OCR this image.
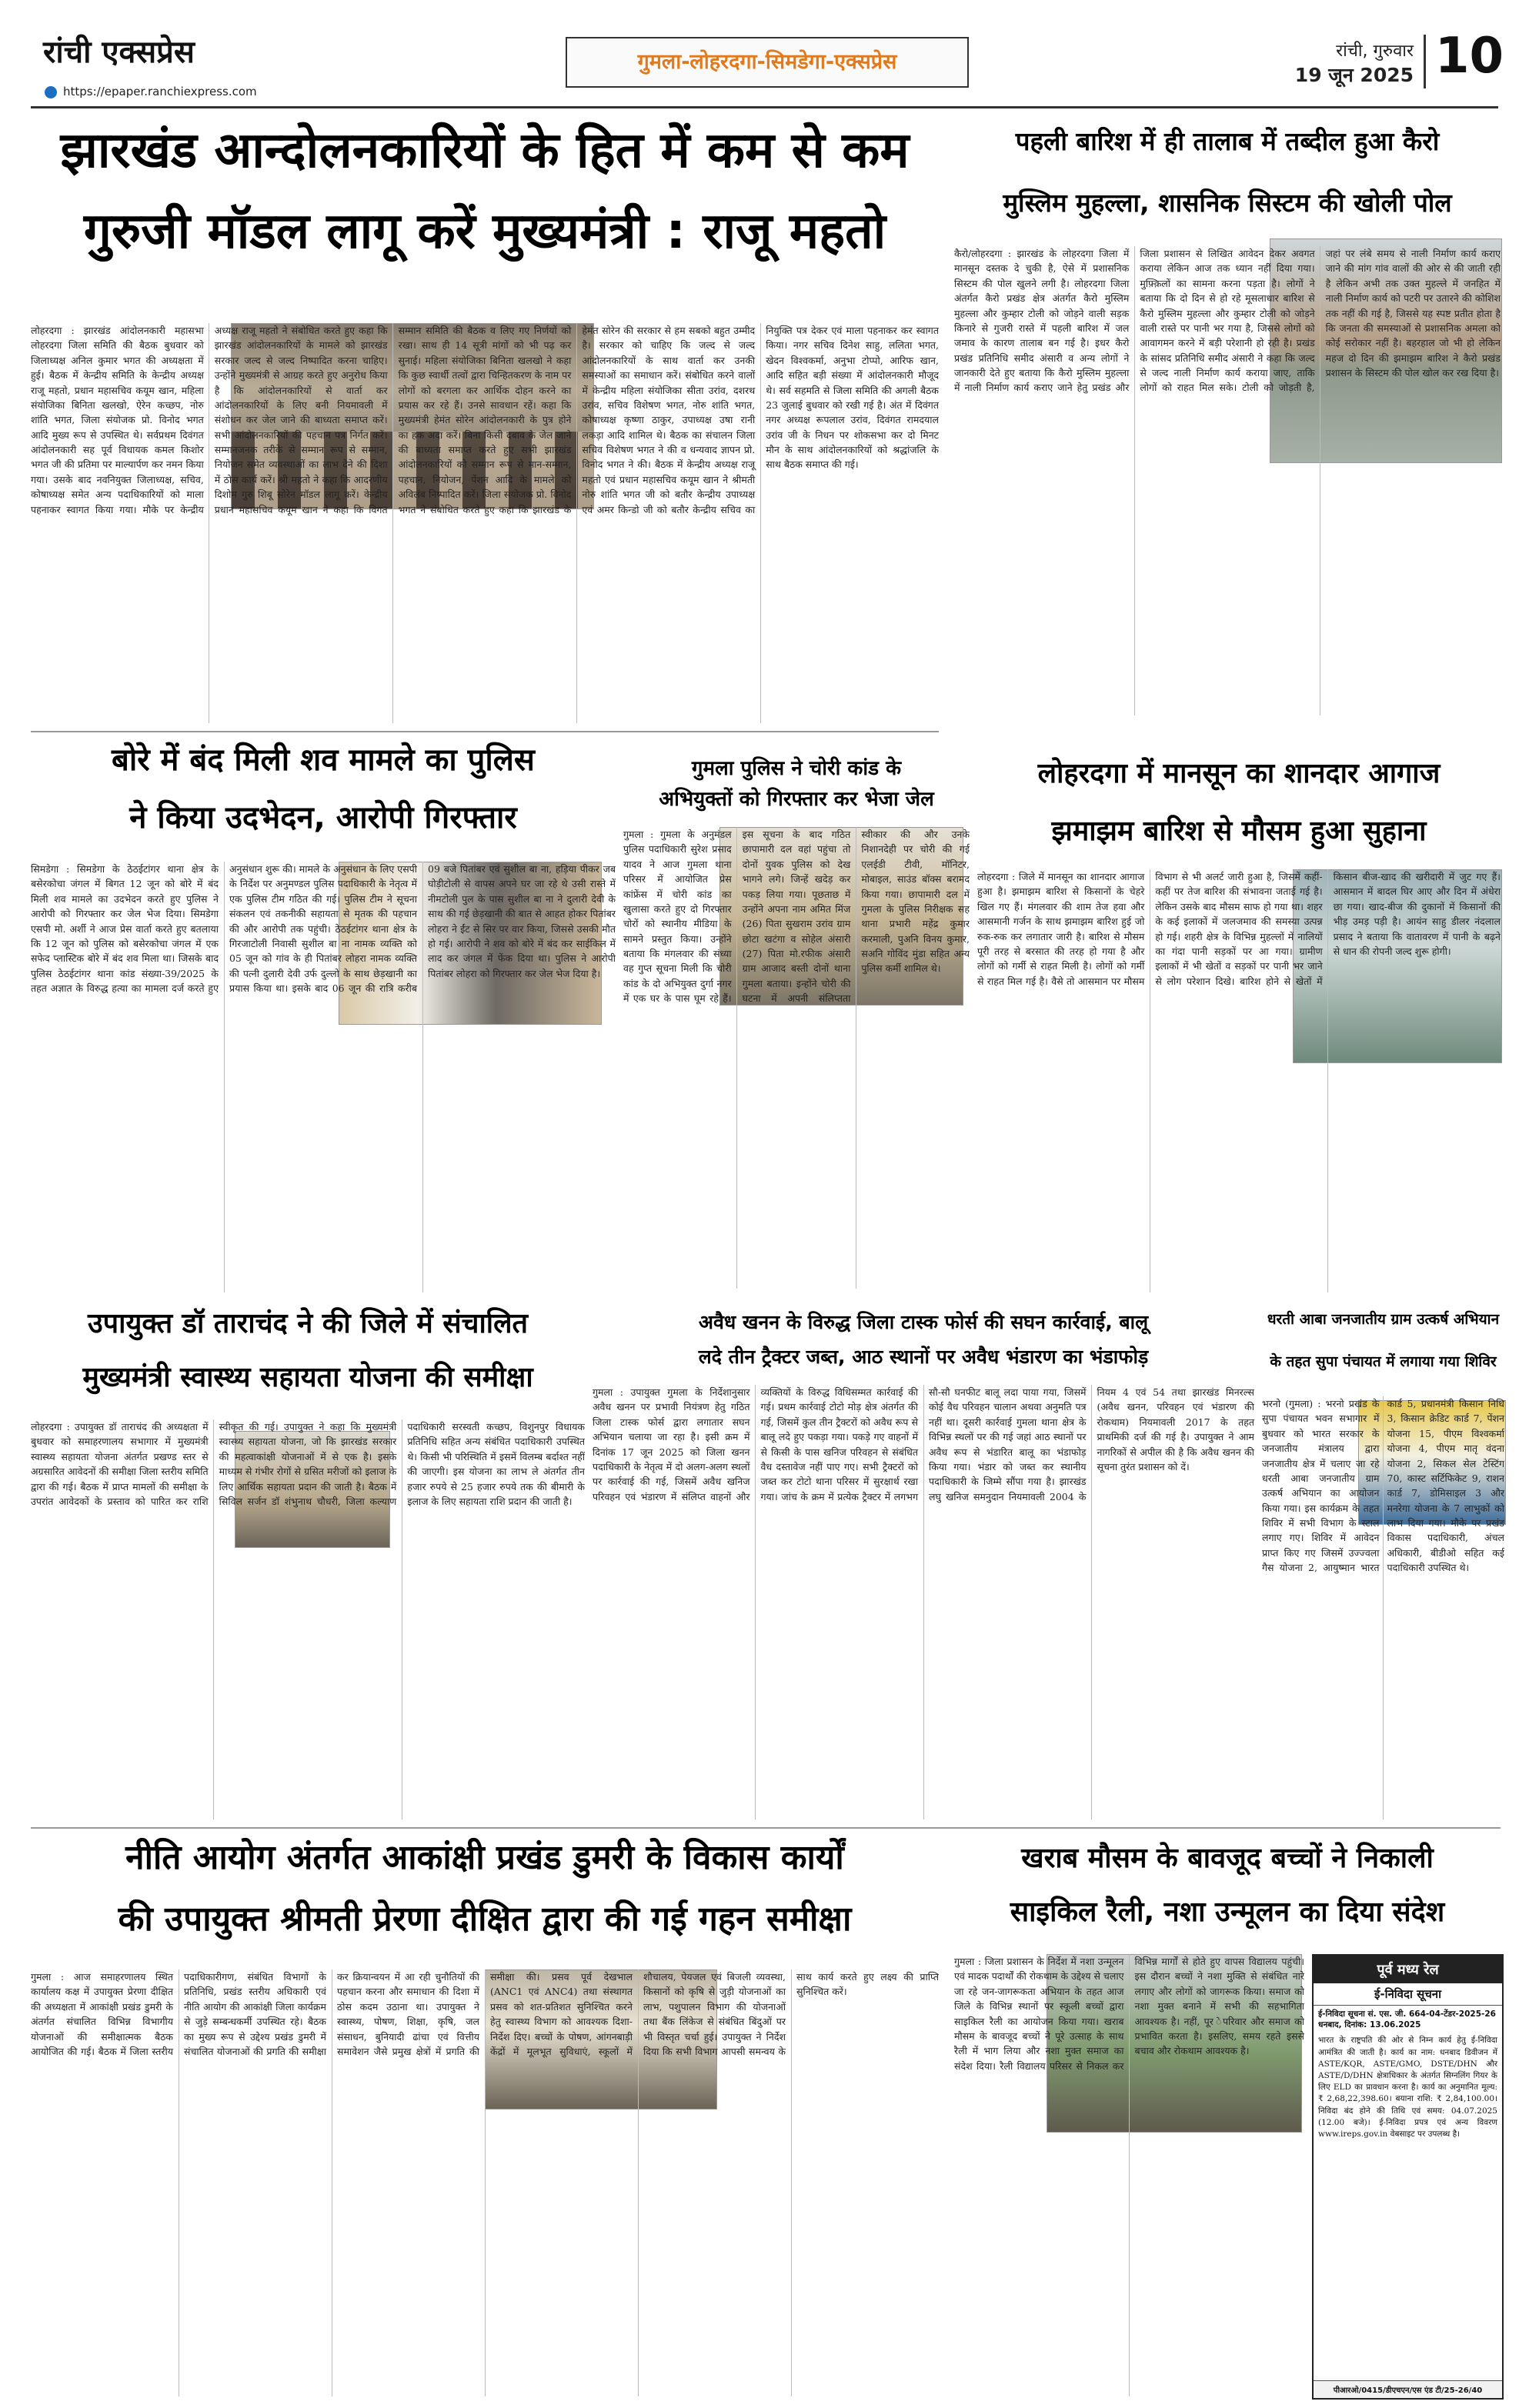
रांची एक्सप्रेस
https://epaper.ranchiexpress.com
गुमला-लोहरदगा-सिमडेगा-एक्सप्रेस	रांची, गुरुवार
19 जून 2025 10
झारखंड आन्दोलनकारियों के हित में कम से कम
गुरुजी मॉडल लागू करें मुख्यमंत्री : राजू महतो
लोहरदगा : झारखंड आंदोलनकारी महासभा लोहरदगा जिला समिति की बैठक बुधवार को जिलाध्यक्ष अनिल कुमार भगत की अध्यक्षता में हुई। बैठक में केन्द्रीय समिति के केन्द्रीय अध्यक्ष राजू महतो, प्रधान महासचिव कयूम खान, महिला संयोजिका बिनिता खलखो, ऐरेन कच्छप, नोरु शांति भगत, जिला संयोजक प्रो. विनोद भगत आदि मुख्य रूप से उपस्थित थे। सर्वप्रथम दिवंगत आंदोलनकारी सह पूर्व विधायक कमल किशोर भगत जी की प्रतिमा पर माल्यार्पण कर नमन किया गया। उसके बाद नवनियुक्त जिलाध्यक्ष, सचिव, कोषाध्यक्ष समेत अन्य पदाधिकारियों को माला पहनाकर स्वागत किया गया। मौके पर केन्द्रीय अध्यक्ष राजू महतो ने संबोधित करते हुए कहा कि झारखंड आंदोलनकारियों के मामले को झारखंड सरकार जल्द से जल्द निष्पादित करना चाहिए। उन्होंने मुख्यमंत्री से आग्रह करते हुए अनुरोध किया है कि आंदोलनकारियों से वार्ता कर आंदोलनकारियों के लिए बनी नियमावली में संशोधन कर जेल जाने की बाध्यता समाप्त करें। सभी आंदोलनकारियों की पहचान पत्र निर्गत करें। सम्मानजनक तरीके से सम्मान रूप से सम्मान, नियोजन समेत व्यवस्थाओं का लाभ देने की दिशा में ठोस कार्य करें। श्री महतो ने कहा कि आदरणीय दिशोम गुरु शिबू सोरेन मॉडल लागू करें। केन्द्रीय प्रधान महासचिव कयूम खान ने कहा कि विगत सम्मान समिति की बैठक व लिए गए निर्णयों को रखा। साथ ही 14 सूत्री मांगों को भी पढ़ कर सुनाई। महिला संयोजिका बिनिता खलखो ने कहा कि कुछ स्वार्थी तत्वों द्वारा चिन्हितकरण के नाम पर लोगों को बरगला कर आर्थिक दोहन करने का प्रयास कर रहे हैं। उनसे सावधान रहें। कहा कि मुख्यमंत्री हेमंत सोरेन आंदोलनकारी के पुत्र होने का हक अदा करें। बिना किसी दबाव के जेल जाने की बाध्यता समाप्त करते हुए सभी झारखंड आंदोलनकारियों को सम्मान रूप से मान-सम्मान, पहचान, नियोजन, पेंशन आदि के मामले को अविलंब निष्पादित करें। जिला संयोजक प्रो. विनोद भगत ने संबोधित करते हुए कहा कि झारखंड के हेमंत सोरेन की सरकार से हम सबको बहुत उम्मीद है। सरकार को चाहिए कि जल्द से जल्द आंदोलनकारियों के साथ वार्ता कर उनकी समस्याओं का समाधान करें। संबोधित करने वालों में केन्द्रीय महिला संयोजिका सीता उरांव, दशरथ उरांव, सचिव विशेषण भगत, नोरु शांति भगत, कोषाध्यक्ष कृष्णा ठाकुर, उपाध्यक्ष उषा रानी लकड़ा आदि शामिल थे। बैठक का संचालन जिला सचिव विशेषण भगत ने की व धन्यवाद ज्ञापन प्रो. विनोद भगत ने की। बैठक में केन्द्रीय अध्यक्ष राजू महतो एवं प्रधान महासचिव कयूम खान ने श्रीमती नोरु शांति भगत जी को बतौर केन्द्रीय उपाध्यक्ष एवं अमर किन्डो जी को बतौर केन्द्रीय सचिव का नियुक्ति पत्र देकर एवं माला पहनाकर कर स्वागत किया। नगर सचिव दिनेश साहु, ललिता भगत, खेदन विश्वकर्मा, अनुभा टोप्पो, आरिफ खान, आदि सहित बड़ी संख्या में आंदोलनकारी मौजूद थे। सर्व सहमति से जिला समिति की अगली बैठक 23 जुलाई बुधवार को रखी गई है। अंत में दिवंगत नगर अध्यक्ष रूपलाल उरांव, दिवंगत रामदयाल उरांव जी के निधन पर शोकसभा कर दो मिनट मौन के साथ आंदोलनकारियों को श्रद्धांजलि के साथ बैठक समाप्त की गई।
पहली बारिश में ही तालाब में तब्दील हुआ कैरो
मुस्लिम मुहल्ला, शासनिक सिस्टम की खोली पोल
कैरो/लोहरदगा : झारखंड के लोहरदगा जिला में मानसून दस्तक दे चुकी है, ऐसे में प्रशासनिक सिस्टम की पोल खुलने लगी है। लोहरदगा जिला अंतर्गत कैरो प्रखंड क्षेत्र अंतर्गत कैरो मुस्लिम मुहल्ला और कुम्हार टोली को जोड़ने वाली सड़क किनारे से गुजरी रास्ते में पहली बारिश में जल जमाव के कारण तालाब बन गई है। इधर कैरो प्रखंड प्रतिनिधि समीद अंसारी व अन्य लोगों ने जानकारी देते हुए बताया कि कैरो मुस्लिम मुहल्ला में नाली निर्माण कार्य कराए जाने हेतु प्रखंड और जिला प्रशासन से लिखित आवेदन देकर अवगत कराया लेकिन आज तक ध्यान नहीं दिया गया। मुफ़्क़िलों का सामना करना पड़ता है। लोगों ने बताया कि दो दिन से हो रहे मूसलाधार बारिश से कैरो मुस्लिम मुहल्ला और कुम्हार टोली को जोड़ने वाली रास्ते पर पानी भर गया है, जिससे लोगों को आवागमन करने में बड़ी परेशानी हो रही है। प्रखंड के सांसद प्रतिनिधि समीद अंसारी ने कहा कि जल्द से जल्द नाली निर्माण कार्य कराया जाए, ताकि लोगों को राहत मिल सके। टोली को जोड़ती है, जहां पर लंबे समय से नाली निर्माण कार्य कराए जाने की मांग गांव वालों की ओर से की जाती रही है लेकिन अभी तक उक्त मुहल्ले में जनहित में नाली निर्माण कार्य को पटरी पर उतारने की कोशिश तक नहीं की गई है, जिससे यह स्पष्ट प्रतीत होता है कि जनता की समस्याओं से प्रशासनिक अमला को कोई सरोकार नहीं है। बहरहाल जो भी हो लेकिन महज दो दिन की झमाझम बारिश ने कैरो प्रखंड प्रशासन के सिस्टम की पोल खोल कर रख दिया है।
बोरे में बंद मिली शव मामले का पुलिस
ने किया उदभेदन, आरोपी गिरफ्तार
सिमडेगा : सिमडेगा के ठेठईटांगर थाना क्षेत्र के बसेरकोचा जंगल में बिगत 12 जून को बोरे में बंद मिली शव मामले का उदभेदन करते हुए पुलिस ने आरोपी को गिरफ्तार कर जेल भेज दिया। सिमडेगा एसपी मो. अर्शी ने आज प्रेस वार्ता करते हुए बतलाया कि 12 जून को पुलिस को बसेरकोचा जंगल में एक सफेद प्लास्टिक बोरे में बंद शव मिला था। जिसके बाद पुलिस ठेठईटांगर थाना कांड संख्या-39/2025 के तहत अज्ञात के विरुद्ध हत्या का मामला दर्ज करते हुए अनुसंधान शुरू की। मामले के अनुसंधान के लिए एसपी के निर्देश पर अनुमण्डल पुलिस पदाधिकारी के नेतृत्व में एक पुलिस टीम गठित की गई। पुलिस टीम ने सूचना संकलन एवं तकनीकी सहायता से मृतक की पहचान की और आरोपी तक पहुंची। ठेठईटांगर थाना क्षेत्र के गिरजाटोली निवासी सुशील बा ना नामक व्यक्ति को 05 जून को गांव के ही पितांबर लोहरा नामक व्यक्ति की पत्नी दुलारी देवी उर्फ दुल्लो के साथ छेड़खानी का प्रयास किया था। इसके बाद 06 जून की रात्रि करीब 09 बजे पितांबर एवं सुशील बा ना, हड़िया पीकर जब घोड़ीटोली से वापस अपने घर जा रहे थे उसी रास्ते में नीमटोली पुल के पास सुशील बा ना ने दुलारी देवी के साथ की गई छेड़खानी की बात से आहत होकर पितांबर लोहरा ने ईंट से सिर पर वार किया, जिससे उसकी मौत हो गई। आरोपी ने शव को बोरे में बंद कर साईकिल में लाद कर जंगल में फेंक दिया था। पुलिस ने आरोपी पितांबर लोहरा को गिरफ्तार कर जेल भेज दिया है।
गुमला पुलिस ने चोरी कांड के
अभियुक्तों को गिरफ्तार कर भेजा जेल
गुमला : गुमला के अनुमंडल पुलिस पदाधिकारी सुरेश प्रसाद यादव ने आज गुमला थाना परिसर में आयोजित प्रेस कांफ्रेंस में चोरी कांड का खुलासा करते हुए दो गिरफ्तार चोरों को स्थानीय मीडिया के सामने प्रस्तुत किया। उन्होंने बताया कि मंगलवार की संध्या वह गुप्त सूचना मिली कि चोरी कांड के दो अभियुक्त दुर्गा नगर में एक घर के पास घूम रहे हैं। इस सूचना के बाद गठित छापामारी दल वहां पहुंचा तो दोनों युवक पुलिस को देख भागने लगे। जिन्हें खदेड़ कर पकड़ लिया गया। पूछताछ में उन्होंने अपना नाम अमित मिंज (26) पिता सुखराम उरांव ग्राम छोटा खटंगा व सोहेल अंसारी (27) पिता मो.रफीक अंसारी ग्राम आजाद बस्ती दोनों थाना गुमला बताया। इन्होंने चोरी की घटना में अपनी संलिप्तता स्वीकार की और उनके निशानदेही पर चोरी की गई एलईडी टीवी, मॉनिटर, मोबाइल, साउंड बॉक्स बरामद किया गया। छापामारी दल में गुमला के पुलिस निरीक्षक सह थाना प्रभारी महेंद्र कुमार करमाली, पुअनि विनय कुमार, सअनि गोविंद मुंडा सहित अन्य पुलिस कर्मी शामिल थे।
लोहरदगा में मानसून का शानदार आगाज
झमाझम बारिश से मौसम हुआ सुहाना
लोहरदगा : जिले में मानसून का शानदार आगाज हुआ है। झमाझम बारिश से किसानों के चेहरे खिल गए हैं। मंगलवार की शाम तेज हवा और आसमानी गर्जन के साथ झमाझम बारिश हुई जो रुक-रुक कर लगातार जारी है। बारिश से मौसम पूरी तरह से बरसात की तरह हो गया है और लोगों को गर्मी से राहत मिली है। लोगों को गर्मी से राहत मिल गई है। वैसे तो आसमान पर मौसम विभाग से भी अलर्ट जारी हुआ है, जिसमें कहीं-कहीं पर तेज बारिश की संभावना जताई गई है। लेकिन उसके बाद मौसम साफ हो गया था। शहर के कई इलाकों में जलजमाव की समस्या उत्पन्न हो गई। शहरी क्षेत्र के विभिन्न मुहल्लों में नालियों का गंदा पानी सड़कों पर आ गया। ग्रामीण इलाकों में भी खेतों व सड़कों पर पानी भर जाने से लोग परेशान दिखे। बारिश होने से खेतों में किसान बीज-खाद की खरीदारी में जुट गए हैं। आसमान में बादल घिर आए और दिन में अंधेरा छा गया। खाद-बीज की दुकानों में किसानों की भीड़ उमड़ पड़ी है। आयंन साहु डीलर नंदलाल प्रसाद ने बताया कि वातावरण में पानी के बढ़ने से धान की रोपनी जल्द शुरू होगी।
उपायुक्त डॉ ताराचंद ने की जिले में संचालित
मुख्यमंत्री स्वास्थ्य सहायता योजना की समीक्षा
लोहरदगा : उपायुक्त डॉ ताराचंद की अध्यक्षता में बुधवार को समाहरणालय सभागार में मुख्यमंत्री स्वास्थ्य सहायता योजना अंतर्गत प्रखण्ड स्तर से अग्रसारित आवेदनों की समीक्षा जिला स्तरीय समिति द्वारा की गई। बैठक में प्राप्त मामलों की समीक्षा के उपरांत आवेदकों के प्रस्ताव को पारित कर राशि स्वीकृत की गई। उपायुक्त ने कहा कि मुख्यमंत्री स्वास्थ्य सहायता योजना, जो कि झारखंड सरकार की महत्वाकांक्षी योजनाओं में से एक है। इसके माध्यम से गंभीर रोगों से ग्रसित मरीजों को इलाज के लिए आर्थिक सहायता प्रदान की जाती है। बैठक में सिविल सर्जन डॉ शंभुनाथ चौधरी, जिला कल्याण पदाधिकारी सरस्वती कच्छप, विशुनपुर विधायक प्रतिनिधि सहित अन्य संबंधित पदाधिकारी उपस्थित थे। किसी भी परिस्थिति में इसमें विलम्ब बर्दाश्त नहीं की जाएगी। इस योजना का लाभ ले अंतर्गत तीन हजार रुपये से 25 हजार रुपये तक की बीमारी के इलाज के लिए सहायता राशि प्रदान की जाती है।
अवैध खनन के विरुद्ध जिला टास्क फोर्स की सघन कार्रवाई, बालू
लदे तीन ट्रैक्टर जब्त, आठ स्थानों पर अवैध भंडारण का भंडाफोड़
गुमला : उपायुक्त गुमला के निर्देशानुसार अवैध खनन पर प्रभावी नियंत्रण हेतु गठित जिला टास्क फोर्स द्वारा लगातार सघन अभियान चलाया जा रहा है। इसी क्रम में दिनांक 17 जून 2025 को जिला खनन पदाधिकारी के नेतृत्व में दो अलग-अलग स्थलों पर कार्रवाई की गई, जिसमें अवैध खनिज परिवहन एवं भंडारण में संलिप्त वाहनों और व्यक्तियों के विरुद्ध विधिसम्मत कार्रवाई की गई। प्रथम कार्रवाई टोटो मोड़ क्षेत्र अंतर्गत की गई, जिसमें कुल तीन ट्रैक्टरों को अवैध रूप से बालू लदे हुए पकड़ा गया। पकड़े गए वाहनों में से किसी के पास खनिज परिवहन से संबंधित वैध दस्तावेज नहीं पाए गए। सभी ट्रैक्टरों को जब्त कर टोटो थाना परिसर में सुरक्षार्थ रखा गया। जांच के क्रम में प्रत्येक ट्रैक्टर में लगभग सौ-सौ घनफीट बालू लदा पाया गया, जिसमें कोई वैध परिवहन चालान अथवा अनुमति पत्र नहीं था। दूसरी कार्रवाई गुमला थाना क्षेत्र के विभिन्न स्थलों पर की गई जहां आठ स्थानों पर अवैध रूप से भंडारित बालू का भंडाफोड़ किया गया। भंडार को जब्त कर स्थानीय पदाधिकारी के जिम्मे सौंपा गया है। झारखंड लघु खनिज समनुदान नियमावली 2004 के नियम 4 एवं 54 तथा झारखंड मिनरल्स (अवैध खनन, परिवहन एवं भंडारण की रोकथाम) नियमावली 2017 के तहत प्राथमिकी दर्ज की गई है। उपायुक्त ने आम नागरिकों से अपील की है कि अवैध खनन की सूचना तुरंत प्रशासन को दें।
धरती आबा जनजातीय ग्राम उत्कर्ष अभियान
के तहत सुपा पंचायत में लगाया गया शिविर
भरनो (गुमला) : भरनो प्रखंड के सुपा पंचायत भवन सभागार में बुधवार को भारत सरकार के जनजातीय मंत्रालय द्वारा जनजातीय क्षेत्र में चलाए जा रहे धरती आबा जनजातीय ग्राम उत्कर्ष अभियान का आयोजन किया गया। इस कार्यक्रम के तहत शिविर में सभी विभाग के स्टाल लगाए गए। शिविर में आवेदन प्राप्त किए गए जिसमें उज्ज्वला गैस योजना 2, आयुष्मान भारत कार्ड 5, प्रधानमंत्री किसान निधि 3, किसान क्रेडिट कार्ड 7, पेंशन योजना 15, पीएम विश्वकर्मा योजना 4, पीएम मातृ वंदना योजना 2, सिकल सेल टेस्टिंग 70, कास्ट सर्टिफिकेट 9, राशन कार्ड 7, डोमिसाइल 3 और मनरेगा योजना के 7 लाभुकों को लाभ दिया गया। मौके पर प्रखंड विकास पदाधिकारी, अंचल अधिकारी, बीडीओ सहित कई पदाधिकारी उपस्थित थे।
नीति आयोग अंतर्गत आकांक्षी प्रखंड डुमरी के विकास कार्यों
की उपायुक्त श्रीमती प्रेरणा दीक्षित द्वारा की गई गहन समीक्षा
गुमला : आज समाहरणालय स्थित कार्यालय कक्ष में उपायुक्त प्रेरणा दीक्षित की अध्यक्षता में आकांक्षी प्रखंड डुमरी के अंतर्गत संचालित विभिन्न विभागीय योजनाओं की समीक्षात्मक बैठक आयोजित की गई। बैठक में जिला स्तरीय पदाधिकारीगण, संबंधित विभागों के प्रतिनिधि, प्रखंड स्तरीय अधिकारी एवं नीति आयोग की आकांक्षी जिला कार्यक्रम से जुड़े सम्बन्धकर्मी उपस्थित रहे। बैठक का मुख्य रूप से उद्देश्य प्रखंड डुमरी में संचालित योजनाओं की प्रगति की समीक्षा कर क्रियान्वयन में आ रही चुनौतियों की पहचान करना और समाधान की दिशा में ठोस कदम उठाना था। उपायुक्त ने स्वास्थ्य, पोषण, शिक्षा, कृषि, जल संसाधन, बुनियादी ढांचा एवं वित्तीय समावेशन जैसे प्रमुख क्षेत्रों में प्रगति की समीक्षा की। प्रसव पूर्व देखभाल (ANC1 एवं ANC4) तथा संस्थागत प्रसव को शत-प्रतिशत सुनिश्चित करने हेतु स्वास्थ्य विभाग को आवश्यक दिशा-निर्देश दिए। बच्चों के पोषण, आंगनबाड़ी केंद्रों में मूलभूत सुविधाएं, स्कूलों में शौचालय, पेयजल एवं बिजली व्यवस्था, किसानों को कृषि से जुड़ी योजनाओं का लाभ, पशुपालन विभाग की योजनाओं तथा बैंक लिंकेज से संबंधित बिंदुओं पर भी विस्तृत चर्चा हुई। उपायुक्त ने निर्देश दिया कि सभी विभाग आपसी समन्वय के साथ कार्य करते हुए लक्ष्य की प्राप्ति सुनिश्चित करें।
खराब मौसम के बावजूद बच्चों ने निकाली
साइकिल रैली, नशा उन्मूलन का दिया संदेश
गुमला : जिला प्रशासन के निर्देश में नशा उन्मूलन एवं मादक पदार्थों की रोकथाम के उद्देश्य से चलाए जा रहे जन-जागरूकता अभियान के तहत आज जिले के विभिन्न स्थानों पर स्कूली बच्चों द्वारा साइकिल रैली का आयोजन किया गया। खराब मौसम के बावजूद बच्चों ने पूरे उत्साह के साथ रैली में भाग लिया और नशा मुक्त समाज का संदेश दिया। रैली विद्यालय परिसर से निकल कर विभिन्न मार्गों से होते हुए वापस विद्यालय पहुंची। इस दौरान बच्चों ने नशा मुक्ति से संबंधित नारे लगाए और लोगों को जागरूक किया। समाज को नशा मुक्त बनाने में सभी की सहभागिता आवश्यक है। नहीं, पूर ेपरिवार और समाज को प्रभावित करता है। इसलिए, समय रहते इससे बचाव और रोकथाम आवश्यक है।
पूर्व मध्य रेल
ई-निविदा सूचना
ई-निविदा सूचना सं. एस. जी. 664-04-टेंडर-2025-26 धनबाद, दिनांक: 13.06.2025
भारत के राष्ट्रपति की ओर से निम्न कार्य हेतु ई-निविदा आमंत्रित की जाती है। कार्य का नाम: धनबाद डिवीजन में ASTE/KQR, ASTE/GMO, DSTE/DHN और ASTE/D/DHN क्षेत्राधिकार के अंतर्गत सिग्नलिंग गियर के लिए ELD का प्रावधान करना है। कार्य का अनुमानित मूल्य: ₹ 2,68,22,398.60। बयाना राशि: ₹ 2,84,100.00। निविदा बंद होने की तिथि एवं समय: 04.07.2025 (12.00 बजे)। ई-निविदा प्रपत्र एवं अन्य विवरण www.ireps.gov.in वेबसाइट पर उपलब्ध है।
पीआरओ/0415/डीएचएन/एस एंड टी/25-26/40
